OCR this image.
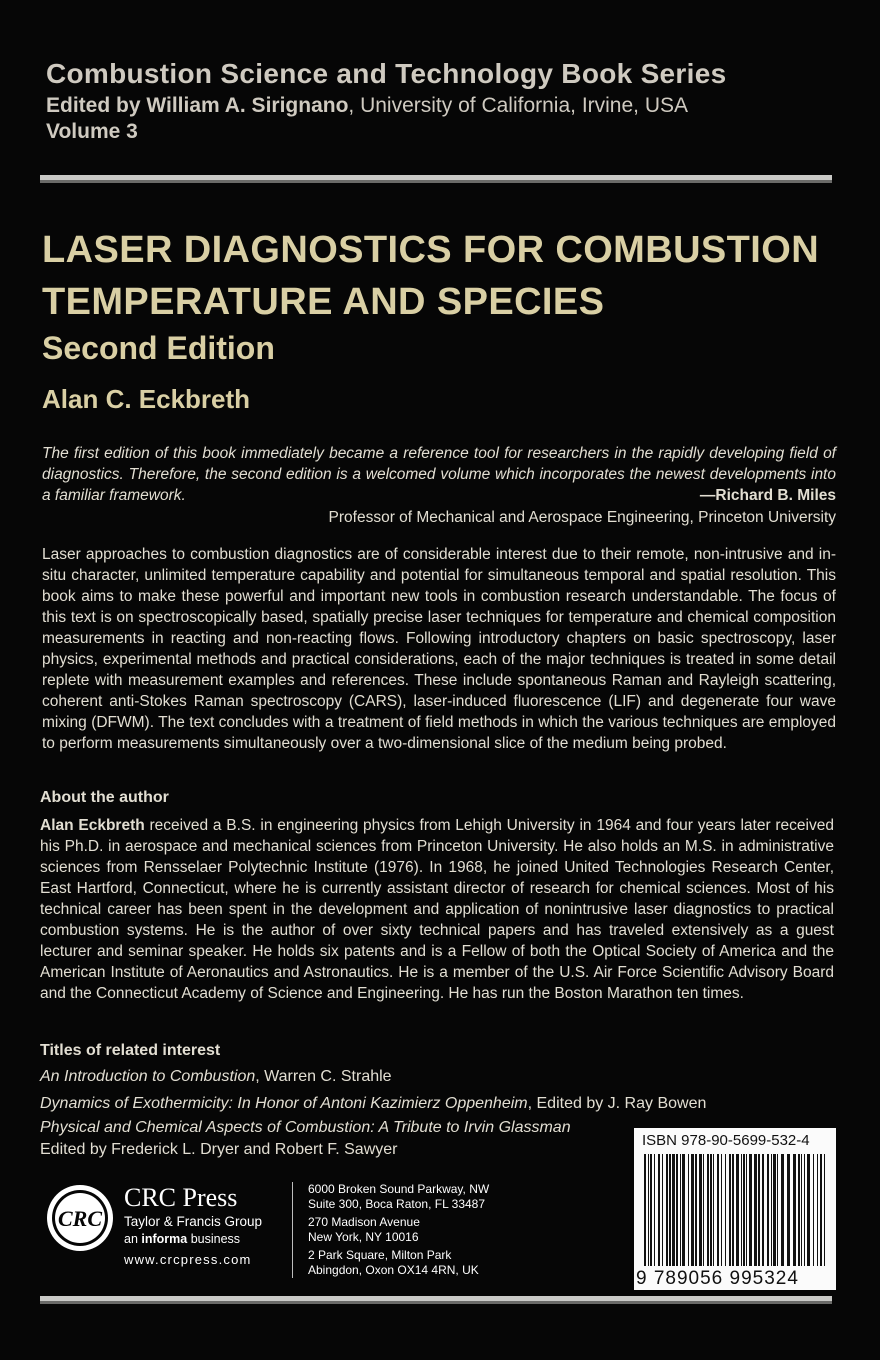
Combustion Science and Technology Book Series
Edited by William A. Sirignano, University of California, Irvine, USA
Volume 3
LASER DIAGNOSTICS FOR COMBUSTION
TEMPERATURE AND SPECIES
Second Edition
Alan C. Eckbreth
The first edition of this book immediately became a reference tool for researchers in the rapidly developing field of diagnostics. Therefore, the second edition is a welcomed volume which incorporates the newest developments into a familiar framework.	—Richard B. Miles
Professor of Mechanical and Aerospace Engineering, Princeton University
Laser approaches to combustion diagnostics are of considerable interest due to their remote, non-intrusive and in-situ character, unlimited temperature capability and potential for simultaneous temporal and spatial resolution. This book aims to make these powerful and important new tools in combustion research understandable. The focus of this text is on spectroscopically based, spatially precise laser techniques for temperature and chemical composition measurements in reacting and non-reacting flows. Following introductory chapters on basic spectroscopy, laser physics, experimental methods and practical considerations, each of the major techniques is treated in some detail replete with measurement examples and references. These include spontaneous Raman and Rayleigh scattering, coherent anti-Stokes Raman spectroscopy (CARS), laser-induced fluorescence (LIF) and degenerate four wave mixing (DFWM). The text concludes with a treatment of field methods in which the various techniques are employed to perform measurements simultaneously over a two-dimensional slice of the medium being probed.
About the author
Alan Eckbreth received a B.S. in engineering physics from Lehigh University in 1964 and four years later received his Ph.D. in aerospace and mechanical sciences from Princeton University. He also holds an M.S. in administrative sciences from Rensselaer Polytechnic Institute (1976). In 1968, he joined United Technologies Research Center, East Hartford, Connecticut, where he is currently assistant director of research for chemical sciences. Most of his technical career has been spent in the development and application of nonintrusive laser diagnostics to practical combustion systems. He is the author of over sixty technical papers and has traveled extensively as a guest lecturer and seminar speaker. He holds six patents and is a Fellow of both the Optical Society of America and the American Institute of Aeronautics and Astronautics. He is a member of the U.S. Air Force Scientific Advisory Board and the Connecticut Academy of Science and Engineering. He has run the Boston Marathon ten times.
Titles of related interest
An Introduction to Combustion, Warren C. Strahle
Dynamics of Exothermicity: In Honor of Antoni Kazimierz Oppenheim, Edited by J. Ray Bowen
Physical and Chemical Aspects of Combustion: A Tribute to Irvin Glassman
Edited by Frederick L. Dryer and Robert F. Sawyer
ISBN 978-90-5699-532-4
9 789056 995324
CRC
CRC Press
Taylor & Francis Group
an informa business
www.crcpress.com
6000 Broken Sound Parkway, NW
Suite 300, Boca Raton, FL 33487
270 Madison Avenue
New York, NY 10016
2 Park Square, Milton Park
Abingdon, Oxon OX14 4RN, UK
